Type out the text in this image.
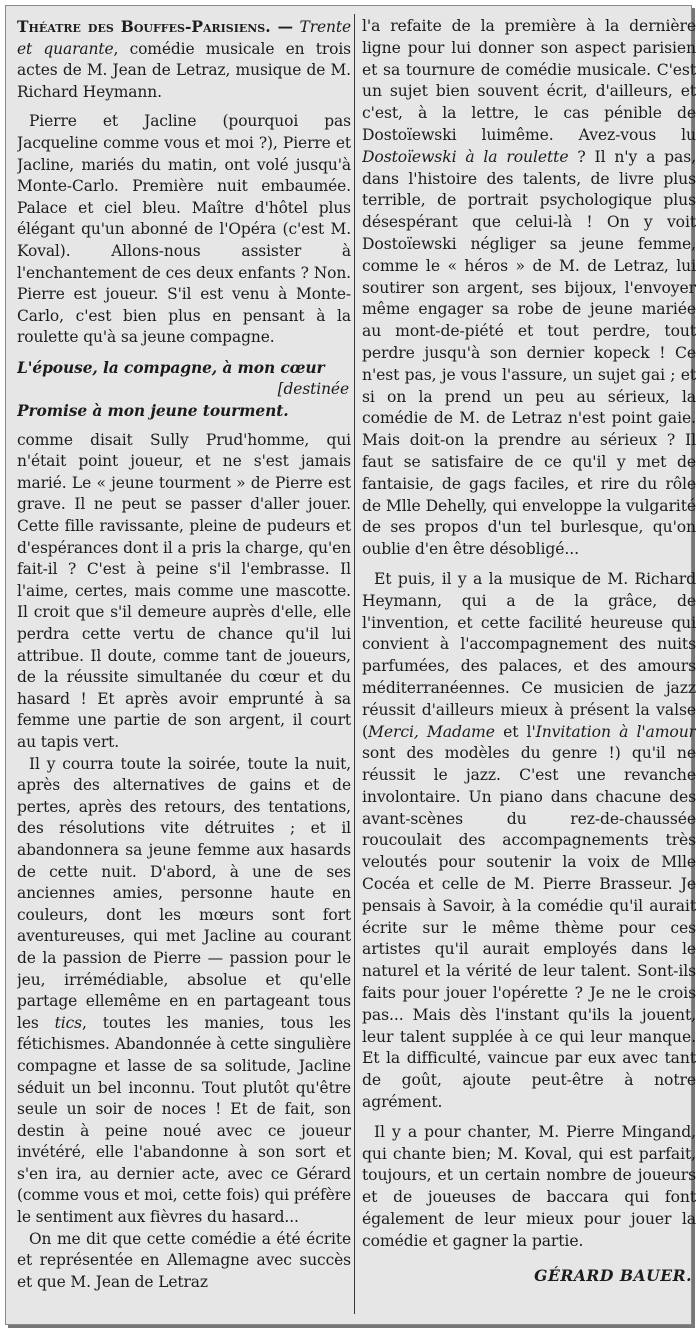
Théatre des Bouffes-Parisiens. — Trente et quarante, comédie musicale en trois actes de M. Jean de Letraz, musique de M. Richard Heymann.

Pierre et Jacline (pourquoi pas Jacqueline comme vous et moi ?), Pierre et Jacline, mariés du matin, ont volé jusqu'à Monte-Carlo. Première nuit embaumée. Palace et ciel bleu. Maître d'hôtel plus élégant qu'un abonné de l'Opéra (c'est M. Koval). Allons-nous assister à l'enchantement de ces deux enfants ? Non. Pierre est joueur. S'il est venu à Monte-Carlo, c'est bien plus en pensant à la roulette qu'à sa jeune compagne.

L'épouse, la compagne, à mon cœur

[destinée

Promise à mon jeune tourment.

comme disait Sully Prud'homme, qui n'était point joueur, et ne s'est jamais marié. Le « jeune tourment » de Pierre est grave. Il ne peut se passer d'aller jouer. Cette fille ravissante, pleine de pudeurs et d'espérances dont il a pris la charge, qu'en fait-il ? C'est à peine s'il l'embrasse. Il l'aime, certes, mais comme une mascotte. Il croit que s'il demeure auprès d'elle, elle perdra cette vertu de chance qu'il lui attribue. Il doute, comme tant de joueurs, de la réussite simultanée du cœur et du hasard ! Et après avoir emprunté à sa femme une partie de son argent, il court au tapis vert.

Il y courra toute la soirée, toute la nuit, après des alternatives de gains et de pertes, après des retours, des tentations, des résolutions vite détruites ; et il abandonnera sa jeune femme aux hasards de cette nuit. D'abord, à une de ses anciennes amies, personne haute en couleurs, dont les mœurs sont fort aventureuses, qui met Jacline au courant de la passion de Pierre — passion pour le jeu, irrémédiable, absolue et qu'elle partage ellemême en en partageant tous les tics, toutes les manies, tous les fétichismes. Abandonnée à cette singulière compagne et lasse de sa solitude, Jacline séduit un bel inconnu. Tout plutôt qu'être seule un soir de noces ! Et de fait, son destin à peine noué avec ce joueur invétéré, elle l'abandonne à son sort et s'en ira, au dernier acte, avec ce Gérard (comme vous et moi, cette fois) qui préfère le sentiment aux fièvres du hasard...

On me dit que cette comédie a été écrite et représentée en Allemagne avec succès et que M. Jean de Letraz

l'a refaite de la première à la dernière ligne pour lui donner son aspect parisien et sa tournure de comédie musicale. C'est un sujet bien souvent écrit, d'ailleurs, et c'est, à la lettre, le cas pénible de Dostoïewski luimême. Avez-vous lu Dostoïewski à la roulette ? Il n'y a pas, dans l'histoire des talents, de livre plus terrible, de portrait psychologique plus désespérant que celui-là ! On y voit Dostoïewski négliger sa jeune femme, comme le « héros » de M. de Letraz, lui soutirer son argent, ses bijoux, l'envoyer même engager sa robe de jeune mariée au mont-de-piété et tout perdre, tout perdre jusqu'à son dernier kopeck ! Ce n'est pas, je vous l'assure, un sujet gai ; et si on la prend un peu au sérieux, la comédie de M. de Letraz n'est point gaie. Mais doit-on la prendre au sérieux ? Il faut se satisfaire de ce qu'il y met de fantaisie, de gags faciles, et rire du rôle de Mlle Dehelly, qui enveloppe la vulgarité de ses propos d'un tel burlesque, qu'on oublie d'en être désobligé...

Et puis, il y a la musique de M. Richard Heymann, qui a de la grâce, de l'invention, et cette facilité heureuse qui convient à l'accompagnement des nuits parfumées, des palaces, et des amours méditerranéennes. Ce musicien de jazz réussit d'ailleurs mieux à présent la valse (Merci, Madame et l'Invitation à l'amour sont des modèles du genre !) qu'il ne réussit le jazz. C'est une revanche involontaire. Un piano dans chacune des avant-scènes du rez-de-chaussée roucoulait des accompagnements très veloutés pour soutenir la voix de Mlle Cocéa et celle de M. Pierre Brasseur. Je pensais à Savoir, à la comédie qu'il aurait écrite sur le même thème pour ces artistes qu'il aurait employés dans le naturel et la vérité de leur talent. Sont-ils faits pour jouer l'opérette ? Je ne le crois pas... Mais dès l'instant qu'ils la jouent, leur talent supplée à ce qui leur manque. Et la difficulté, vaincue par eux avec tant de goût, ajoute peut-être à notre agrément.

Il y a pour chanter, M. Pierre Mingand, qui chante bien; M. Koval, qui est parfait, toujours, et un certain nombre de joueurs et de joueuses de baccara qui font également de leur mieux pour jouer la comédie et gagner la partie.

GÉRARD BAUER.
